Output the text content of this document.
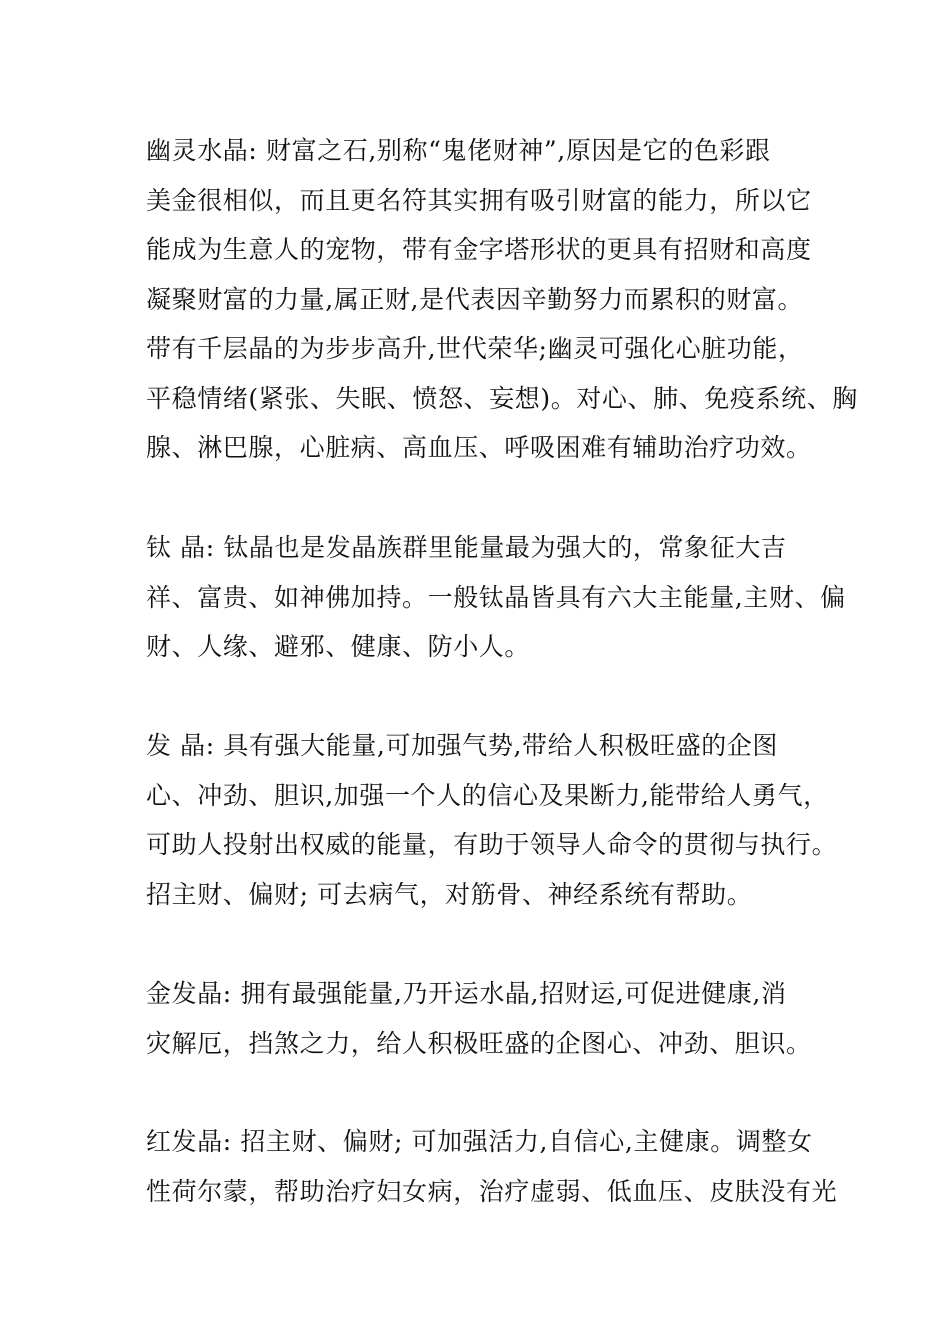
幽灵水晶: 财富之石,别称“鬼佬财神”,原因是它的色彩跟
美金很相似，而且更名符其实拥有吸引财富的能力，所以它
能成为生意人的宠物，带有金字塔形状的更具有招财和高度
凝聚财富的力量,属正财,是代表因辛勤努力而累积的财富。
带有千层晶的为步步高升,世代荣华;幽灵可强化心脏功能，
平稳情绪(紧张、失眠、愤怒、妄想)。对心、肺、免疫系统、胸
腺、淋巴腺，心脏病、高血压、呼吸困难有辅助治疗功效。
钛 晶: 钛晶也是发晶族群里能量最为强大的，常象征大吉
祥、富贵、如神佛加持。一般钛晶皆具有六大主能量,主财、偏
财、人缘、避邪、健康、防小人。
发 晶: 具有强大能量,可加强气势,带给人积极旺盛的企图
心、冲劲、胆识,加强一个人的信心及果断力,能带给人勇气，
可助人投射出权威的能量，有助于领导人命令的贯彻与执行。
招主财、偏财; 可去病气，对筋骨、神经系统有帮助。
金发晶: 拥有最强能量,乃开运水晶,招财运,可促进健康,消
灾解厄，挡煞之力，给人积极旺盛的企图心、冲劲、胆识。
红发晶: 招主财、偏财; 可加强活力,自信心,主健康。调整女
性荷尔蒙，帮助治疗妇女病，治疗虚弱、低血压、皮肤没有光
